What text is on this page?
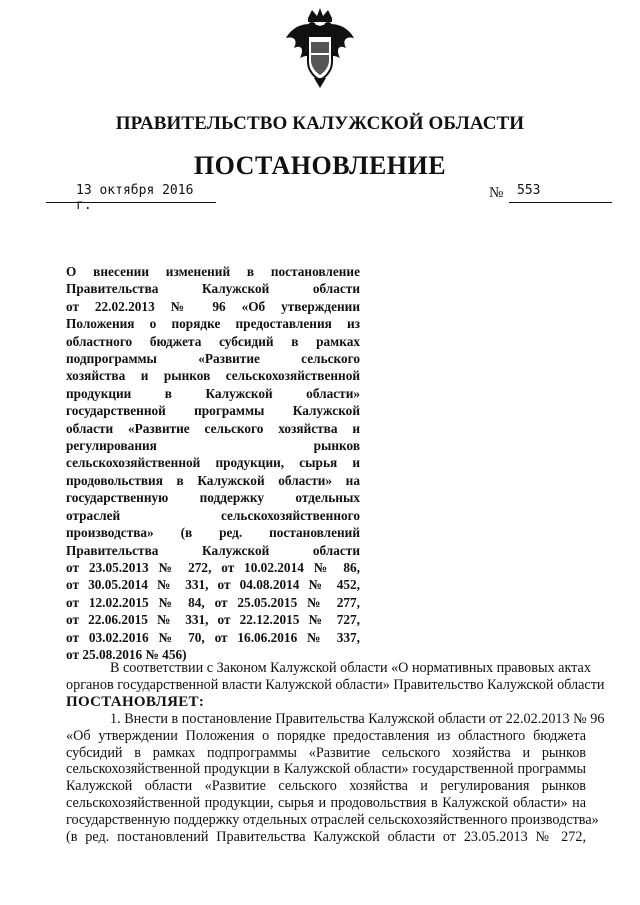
ПРАВИТЕЛЬСТВО КАЛУЖСКОЙ ОБЛАСТИ
ПОСТАНОВЛЕНИЕ
13 октября 2016 г.
№	553
О внесении изменений в постановление
Правительства Калужской области
от 22.02.2013 № 96 «Об утверждении
Положения о порядке предоставления из
областного бюджета субсидий в рамках
подпрограммы «Развитие сельского
хозяйства и рынков сельскохозяйственной
продукции в Калужской области»
государственной программы Калужской
области «Развитие сельского хозяйства и
регулирования рынков
сельскохозяйственной продукции, сырья и
продовольствия в Калужской области» на
государственную поддержку отдельных
отраслей сельскохозяйственного
производства» (в ред. постановлений
Правительства Калужской области
от 23.05.2013 № 272, от 10.02.2014 № 86,
от 30.05.2014 № 331, от 04.08.2014 № 452,
от 12.02.2015 № 84, от 25.05.2015 № 277,
от 22.06.2015 № 331, от 22.12.2015 № 727,
от 03.02.2016 № 70, от 16.06.2016 № 337,
от 25.08.2016 № 456)
В соответствии с Законом Калужской области «О нормативных правовых актах
органов государственной власти Калужской области» Правительство Калужской области
ПОСТАНОВЛЯЕТ:
1. Внести в постановление Правительства Калужской области от 22.02.2013 № 96
«Об утверждении Положения о порядке предоставления из областного бюджета
субсидий в рамках подпрограммы «Развитие сельского хозяйства и рынков
сельскохозяйственной продукции в Калужской области» государственной программы
Калужской области «Развитие сельского хозяйства и регулирования рынков
сельскохозяйственной продукции, сырья и продовольствия в Калужской области» на
государственную поддержку отдельных отраслей сельскохозяйственного производства»
(в ред. постановлений Правительства Калужской области от 23.05.2013 № 272,
